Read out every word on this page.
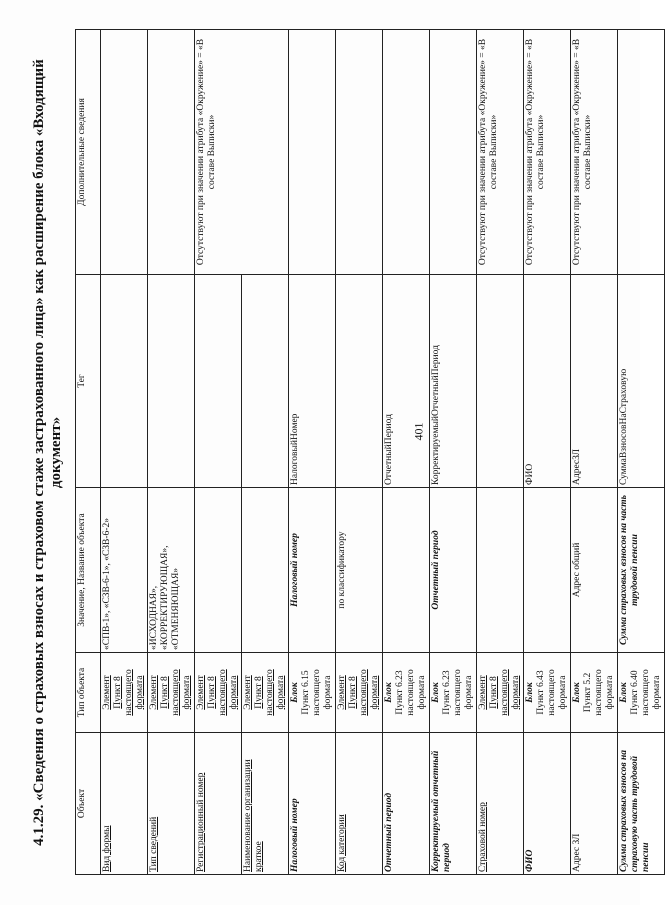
401
4.1.29. «Сведения о страховых взносах и страховом стаже застрахованного лица» как расширение блока «Входящий документ»
Объект	Тип объекта	Значение, Название объекта	Тег	Дополнительные сведения
Вид формы	Элемент Пункт 8 настоящего формата	«СПВ-1», «СЗВ-6-1», «СЗВ-6-2»		
Тип сведений	Элемент Пункт 8 настоящего формата	«ИСХОДНАЯ», «КОРРЕКТИРУЮЩАЯ», «ОТМЕНЯЮЩАЯ»		
Регистрационный номер	Элемент Пункт 8 настоящего формата			Отсутствуют при значении атрибута «Окружение» = «В составе Выписки»
Наименование организации краткое	Элемент Пункт 8 настоящего формата			

Налоговый номер	Блок Пункт 6.15 настоящего формата	Налоговый номер	НалоговыйНомер	
Код категории	Элемент Пункт 8 настоящего формата	по классификатору		
Отчетный период	Блок Пункт 6.23 настоящего формата		ОтчетныйПериод	
Корректируемый отчетный период	Блок Пункт 6.23 настоящего формата	Отчетный период	КорректируемыйОтчетныйПериод	
Страховой номер	Элемент Пункт 8 настоящего формата			Отсутствуют при значении атрибута «Окружение» = «В составе Выписки»
ФИО	Блок Пункт 6.43 настоящего формата		ФИО	Отсутствуют при значении атрибута «Окружение» = «В составе Выписки»
Адрес ЗЛ	Блок Пункт 5.2 настоящего формата	Адрес общий	АдресЗЛ	Отсутствуют при значении атрибута «Окружение» = «В составе Выписки»
Сумма страховых взносов на страховую часть трудовой пенсии	Блок Пункт 6.40 настоящего формата	Сумма страховых взносов на часть трудовой пенсии	СуммаВзносовНаСтраховую	
